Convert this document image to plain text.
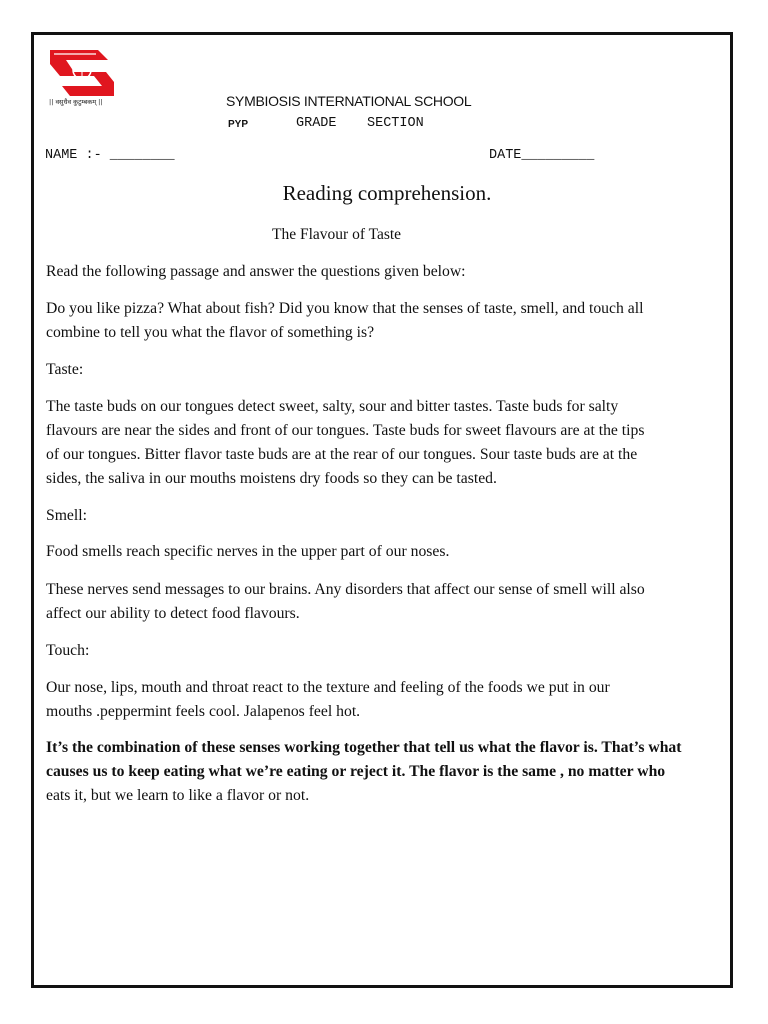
|| वसुधैव कुटुम्बकम् ||	SYMBIOSIS INTERNATIONAL SCHOOL
PYP	GRADE SECTION
NAME :- ________	DATE_________
Reading comprehension.
The Flavour of Taste

Read the following passage and answer the questions given below:

Do you like pizza? What about fish? Did you know that the senses of taste, smell, and touch all
combine to tell you what the flavor of something is?

Taste:

The taste buds on our tongues detect sweet, salty, sour and bitter tastes. Taste buds for salty
flavours are near the sides and front of our tongues. Taste buds for sweet flavours are at the tips
of our tongues. Bitter flavor taste buds are at the rear of our tongues. Sour taste buds are at the
sides, the saliva in our mouths moistens dry foods so they can be tasted.

Smell:

Food smells reach specific nerves in the upper part of our noses.

These nerves send messages to our brains. Any disorders that affect our sense of smell will also
affect our ability to detect food flavours.

Touch:

Our nose, lips, mouth and throat react to the texture and feeling of the foods we put in our
mouths .peppermint feels cool. Jalapenos feel hot.

It’s the combination of these senses working together that tell us what the flavor is. That’s what
causes us to keep eating what we’re eating or reject it. The flavor is the same , no matter who
eats it, but we learn to like a flavor or not.
